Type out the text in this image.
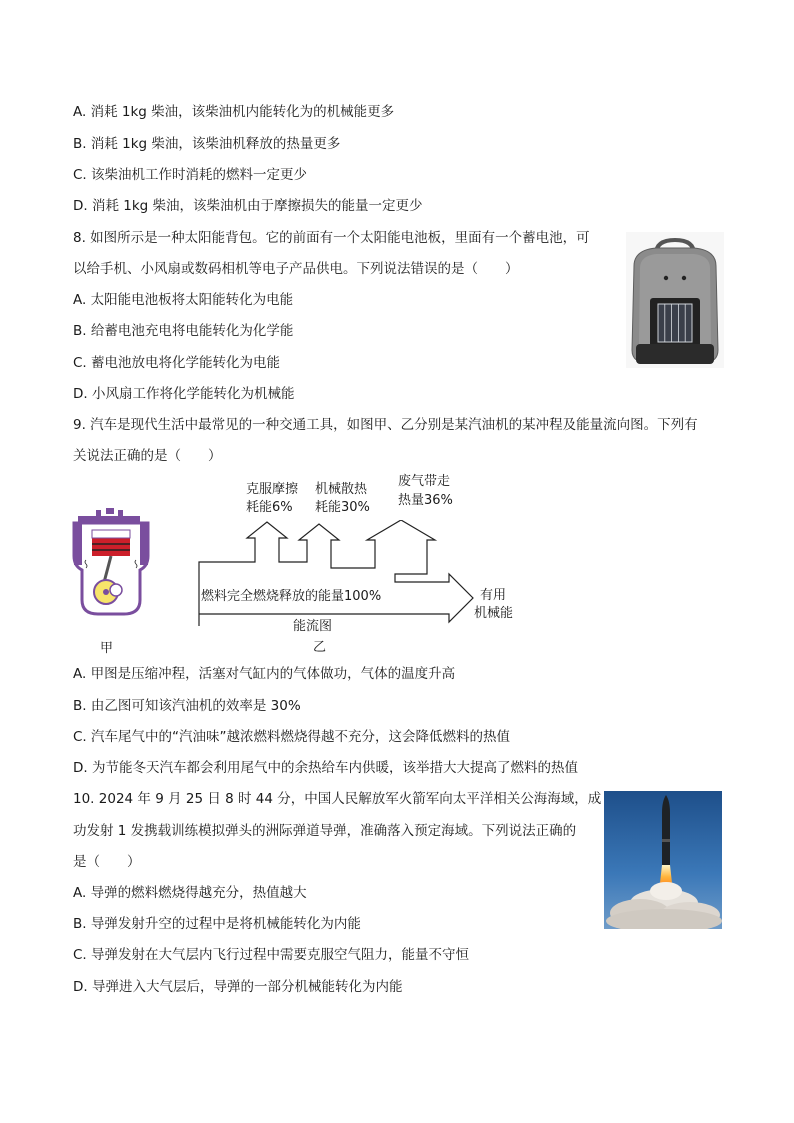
A. 消耗 1kg 柴油，该柴油机内能转化为的机械能更多
B. 消耗 1kg 柴油，该柴油机释放的热量更多
C. 该柴油机工作时消耗的燃料一定更少
D. 消耗 1kg 柴油，该柴油机由于摩擦损失的能量一定更少
8. 如图所示是一种太阳能背包。它的前面有一个太阳能电池板，里面有一个蓄电池，可
以给手机、小风扇或数码相机等电子产品供电。下列说法错误的是（　　）
A. 太阳能电池板将太阳能转化为电能
B. 给蓄电池充电将电能转化为化学能
C. 蓄电池放电将化学能转化为电能
D. 小风扇工作将化学能转化为机械能
9. 汽车是现代生活中最常见的一种交通工具，如图甲、乙分别是某汽油机的某冲程及能量流向图。下列有
关说法正确的是（　　）
甲
克服摩擦
耗能6%
机械散热
耗能30%
废气带走
热量36%
燃料完全燃烧释放的能量100%	有用
机械能
能流图
乙
A. 甲图是压缩冲程，活塞对气缸内的气体做功，气体的温度升高
B. 由乙图可知该汽油机的效率是 30%
C. 汽车尾气中的“汽油味”越浓燃料燃烧得越不充分，这会降低燃料的热值
D. 为节能冬天汽车都会利用尾气中的余热给车内供暖，该举措大大提高了燃料的热值
10. 2024 年 9 月 25 日 8 时 44 分，中国人民解放军火箭军向太平洋相关公海海域，成
功发射 1 发携载训练模拟弹头的洲际弹道导弹，准确落入预定海域。下列说法正确的
是（　　）
A. 导弹的燃料燃烧得越充分，热值越大
B. 导弹发射升空的过程中是将机械能转化为内能
C. 导弹发射在大气层内飞行过程中需要克服空气阻力，能量不守恒
D. 导弹进入大气层后，导弹的一部分机械能转化为内能
